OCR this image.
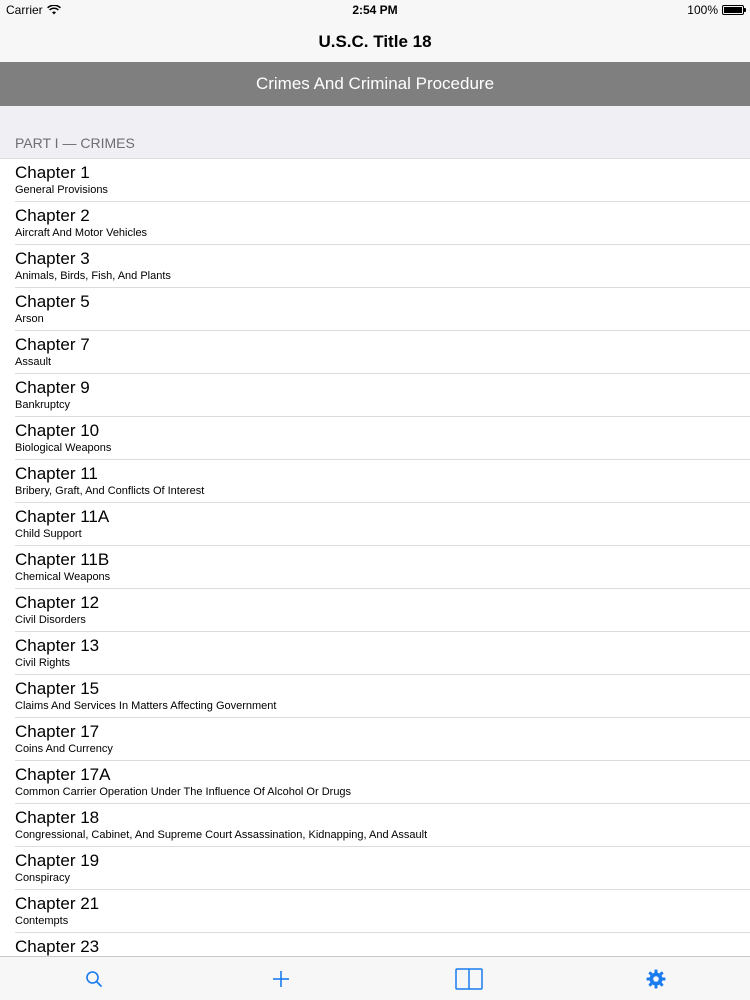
Carrier	2:54 PM	100%
U.S.C. Title 18
Crimes And Criminal Procedure
PART I — CRIMES
Chapter 1
General Provisions
Chapter 2
Aircraft And Motor Vehicles
Chapter 3
Animals, Birds, Fish, And Plants
Chapter 5
Arson
Chapter 7
Assault
Chapter 9
Bankruptcy
Chapter 10
Biological Weapons
Chapter 11
Bribery, Graft, And Conflicts Of Interest
Chapter 11A
Child Support
Chapter 11B
Chemical Weapons
Chapter 12
Civil Disorders
Chapter 13
Civil Rights
Chapter 15
Claims And Services In Matters Affecting Government
Chapter 17
Coins And Currency
Chapter 17A
Common Carrier Operation Under The Influence Of Alcohol Or Drugs
Chapter 18
Congressional, Cabinet, And Supreme Court Assassination, Kidnapping, And Assault
Chapter 19
Conspiracy
Chapter 21
Contempts
Chapter 23
